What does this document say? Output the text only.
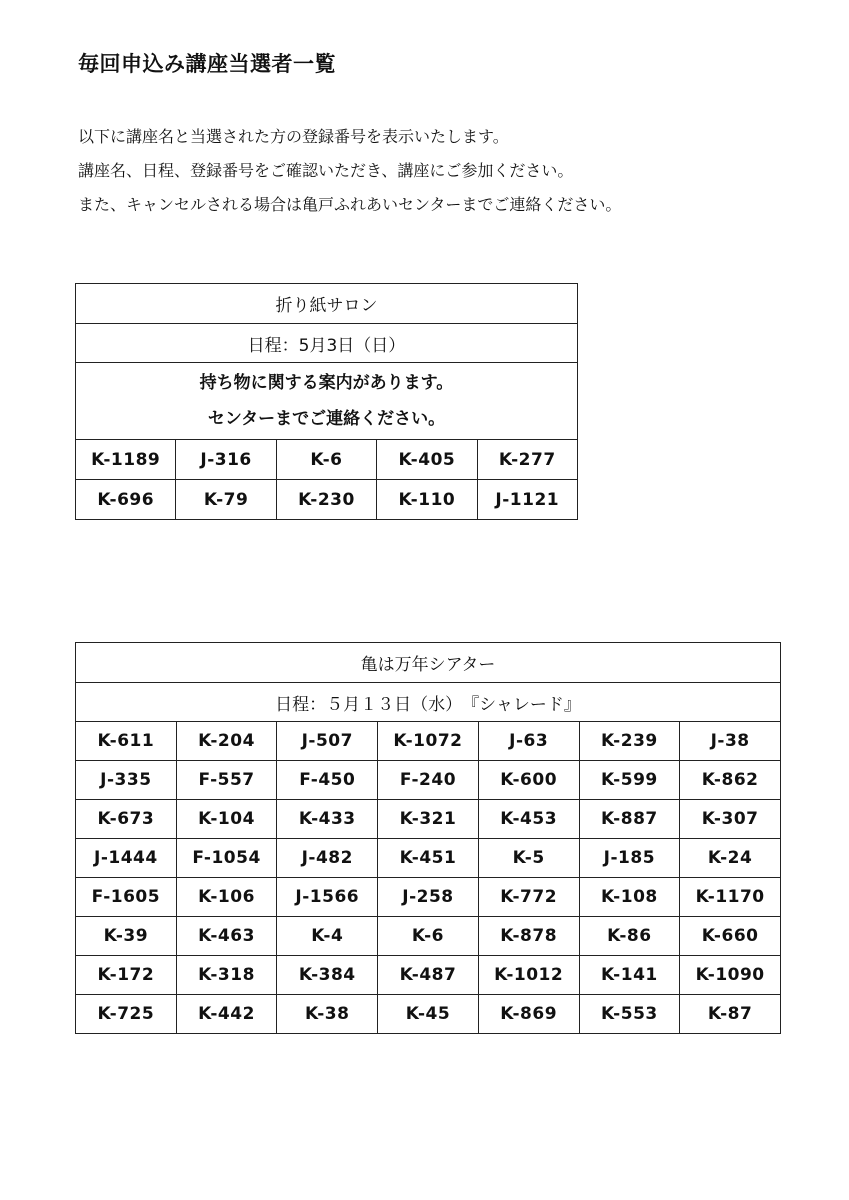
毎回申込み講座当選者一覧

以下に講座名と当選された方の登録番号を表示いたします。

講座名、日程、登録番号をご確認いただき、講座にご参加ください。

また、キャンセルされる場合は亀戸ふれあいセンターまでご連絡ください。

折り紙サロン				
日程：5月3日（日）				

持ち物に関する案内があります。
センターまでご連絡ください。				

K-1189	J-316	K-6	K-405	K-277
K-696	K-79	K-230	K-110	J-1121
亀は万年シアター						
日程：５月１３日（水）　『シャレード』						
K-611	K-204	J-507	K-1072	J-63	K-239	J-38
J-335	F-557	F-450	F-240	K-600	K-599	K-862
K-673	K-104	K-433	K-321	K-453	K-887	K-307
J-1444	F-1054	J-482	K-451	K-5	J-185	K-24
F-1605	K-106	J-1566	J-258	K-772	K-108	K-1170
K-39	K-463	K-4	K-6	K-878	K-86	K-660
K-172	K-318	K-384	K-487	K-1012	K-141	K-1090
K-725	K-442	K-38	K-45	K-869	K-553	K-87
